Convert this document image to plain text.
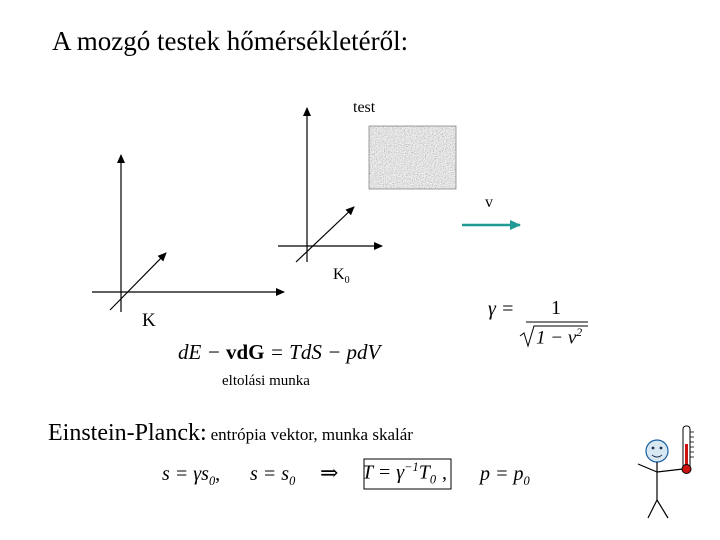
A mozgó testek hőmérsékletéről:
test
v
$K_0$
K
dE − vdG = TdS − pdV
eltolási munka
γ = 1
$1 - v^2$
Einstein-Planck: entrópia vektor, munka skalár
$s = \gamma s_0$, $s = s_0$ ⇒ $T = \gamma^{-1}T_0$ , $p = p_0$
